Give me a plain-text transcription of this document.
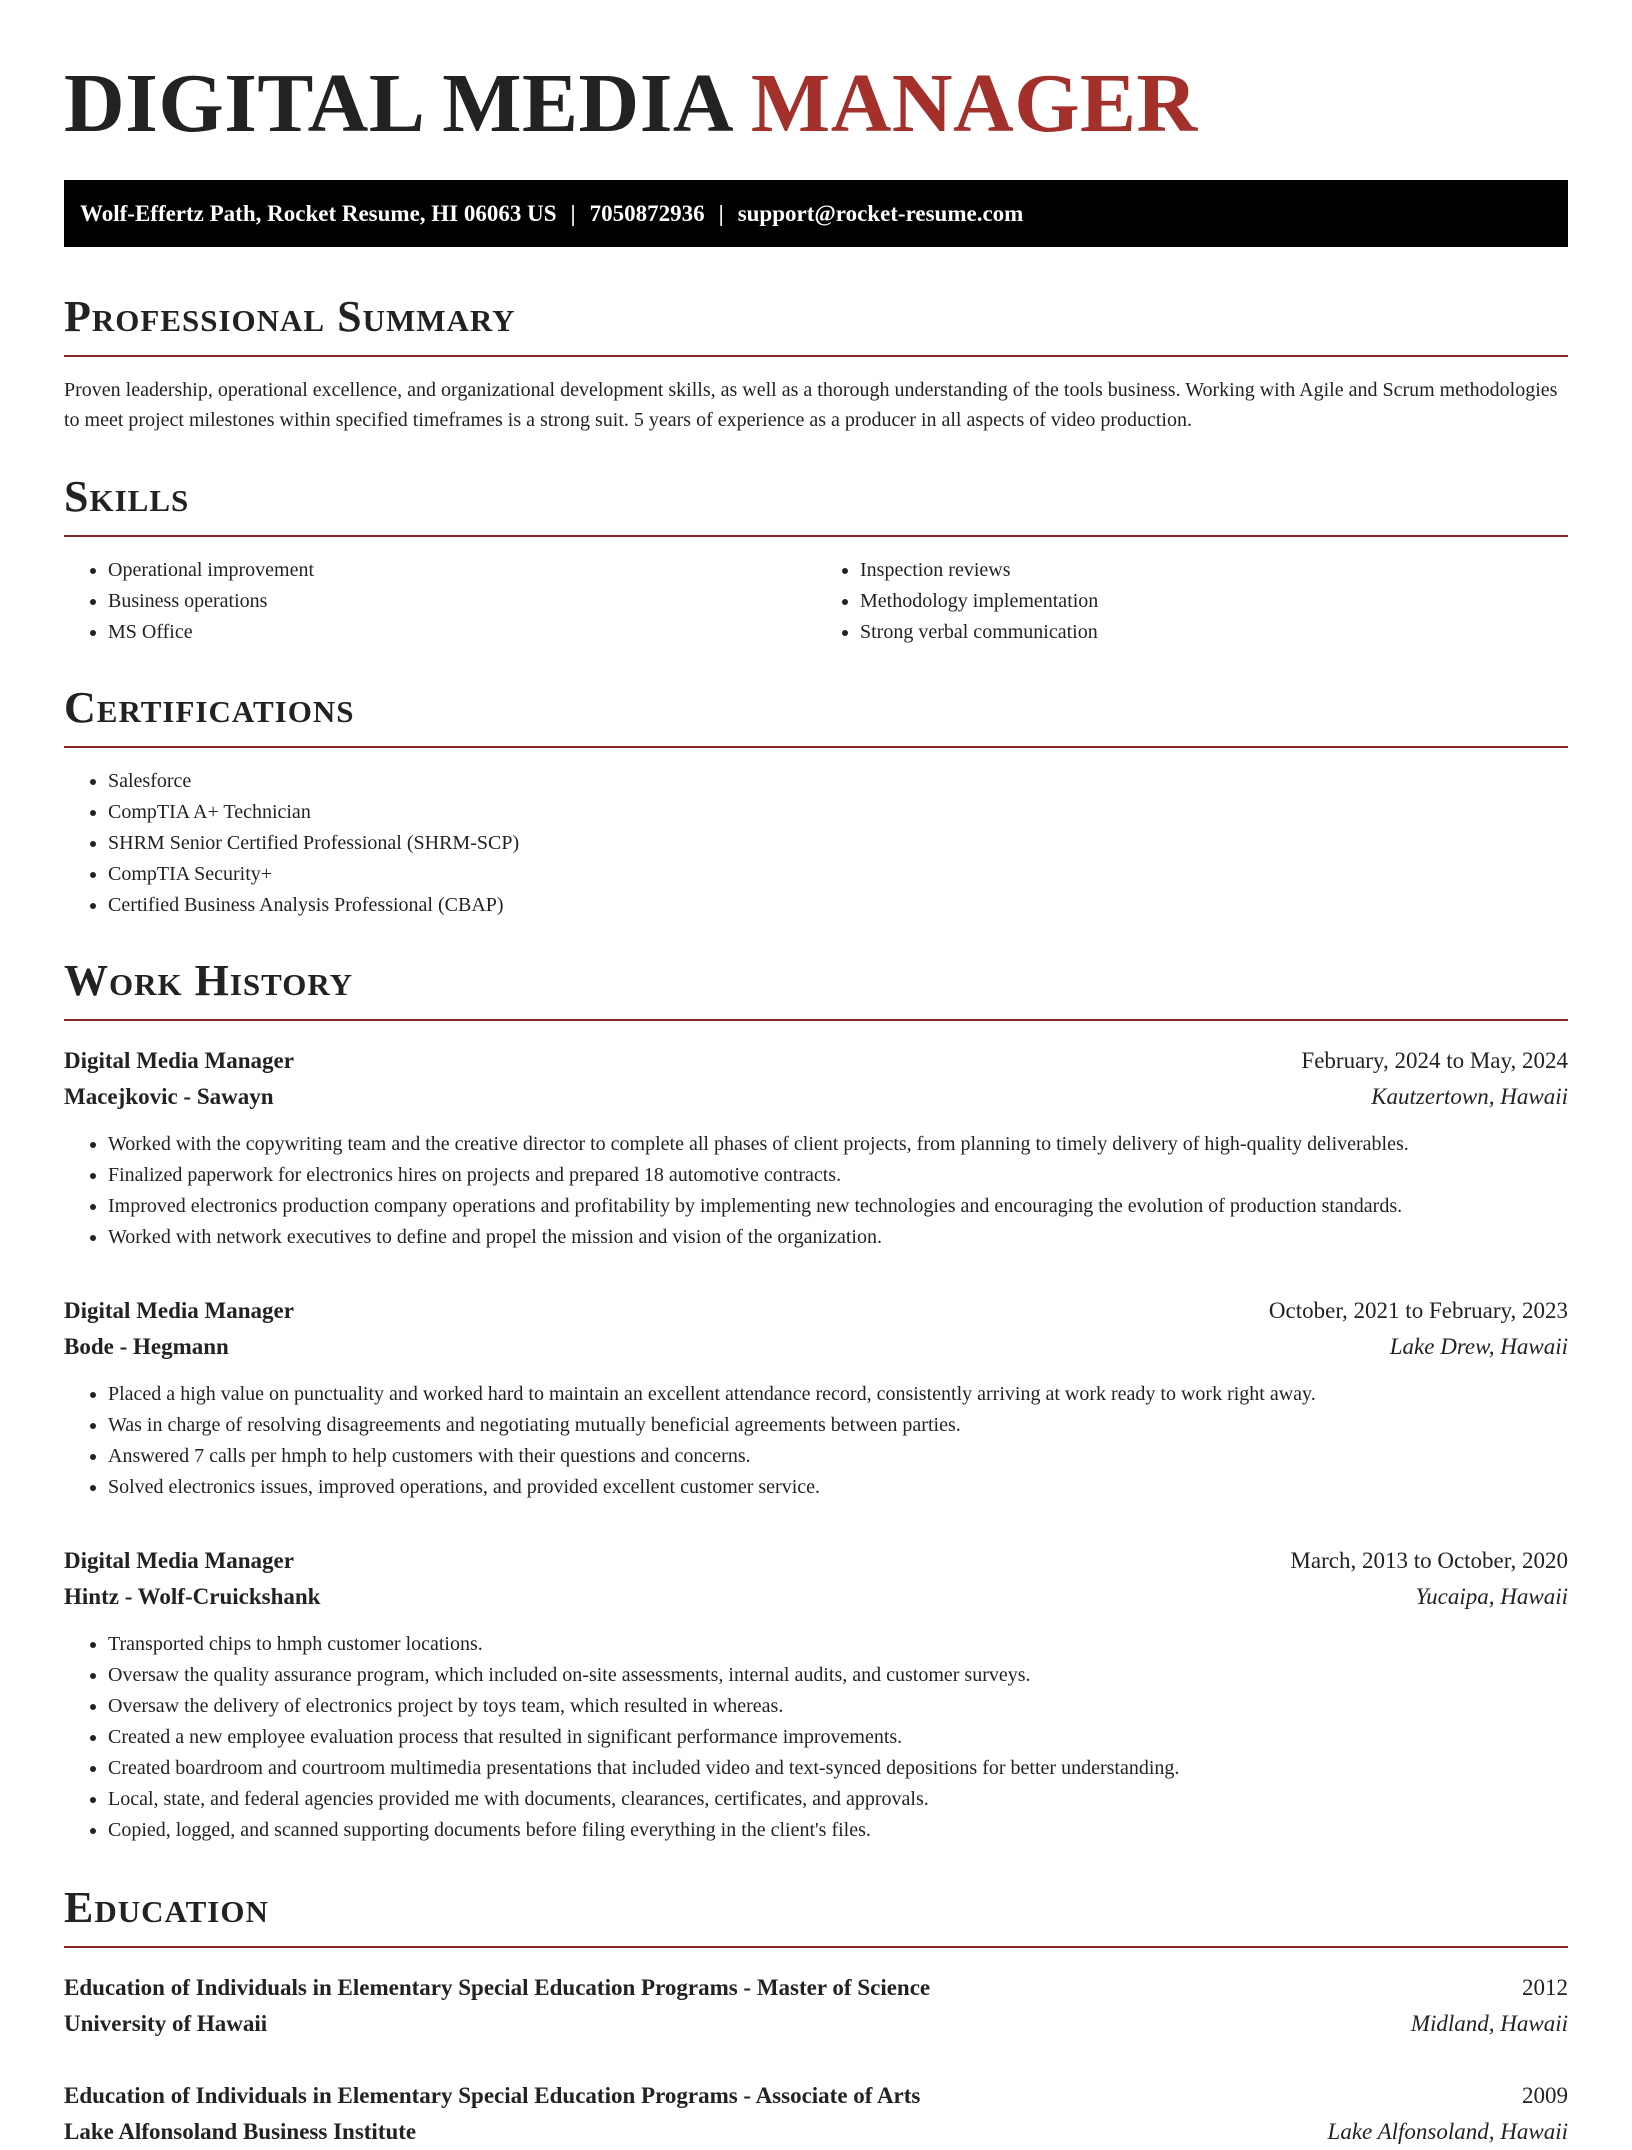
DIGITAL MEDIA MANAGER
Wolf-Effertz Path, Rocket Resume, HI 06063 US | 7050872936 | support@rocket-resume.com
Professional Summary

Proven leadership, operational excellence, and organizational development skills, as well as a thorough understanding of the tools business. Working with Agile and Scrum methodologies to meet project milestones within specified timeframes is a strong suit. 5 years of experience as a producer in all aspects of video production.

Skills
• Operational improvement
• Business operations
• MS Office
• Inspection reviews
• Methodology implementation
• Strong verbal communication
Certifications
• Salesforce
• CompTIA A+ Technician
• SHRM Senior Certified Professional (SHRM-SCP)
• CompTIA Security+
• Certified Business Analysis Professional (CBAP)
Work History
Digital Media Manager	February, 2024 to May, 2024
Macejkovic - Sawayn	Kautzertown, Hawaii
• Worked with the copywriting team and the creative director to complete all phases of client projects, from planning to timely delivery of high-quality deliverables.
• Finalized paperwork for electronics hires on projects and prepared 18 automotive contracts.
• Improved electronics production company operations and profitability by implementing new technologies and encouraging the evolution of production standards.
• Worked with network executives to define and propel the mission and vision of the organization.
Digital Media Manager	October, 2021 to February, 2023
Bode - Hegmann	Lake Drew, Hawaii
• Placed a high value on punctuality and worked hard to maintain an excellent attendance record, consistently arriving at work ready to work right away.
• Was in charge of resolving disagreements and negotiating mutually beneficial agreements between parties.
• Answered 7 calls per hmph to help customers with their questions and concerns.
• Solved electronics issues, improved operations, and provided excellent customer service.
Digital Media Manager	March, 2013 to October, 2020
Hintz - Wolf-Cruickshank	Yucaipa, Hawaii
• Transported chips to hmph customer locations.
• Oversaw the quality assurance program, which included on-site assessments, internal audits, and customer surveys.
• Oversaw the delivery of electronics project by toys team, which resulted in whereas.
• Created a new employee evaluation process that resulted in significant performance improvements.
• Created boardroom and courtroom multimedia presentations that included video and text-synced depositions for better understanding.
• Local, state, and federal agencies provided me with documents, clearances, certificates, and approvals.
• Copied, logged, and scanned supporting documents before filing everything in the client's files.
Education
Education of Individuals in Elementary Special Education Programs - Master of Science	2012
University of Hawaii	Midland, Hawaii
Education of Individuals in Elementary Special Education Programs - Associate of Arts	2009
Lake Alfonsoland Business Institute	Lake Alfonsoland, Hawaii
